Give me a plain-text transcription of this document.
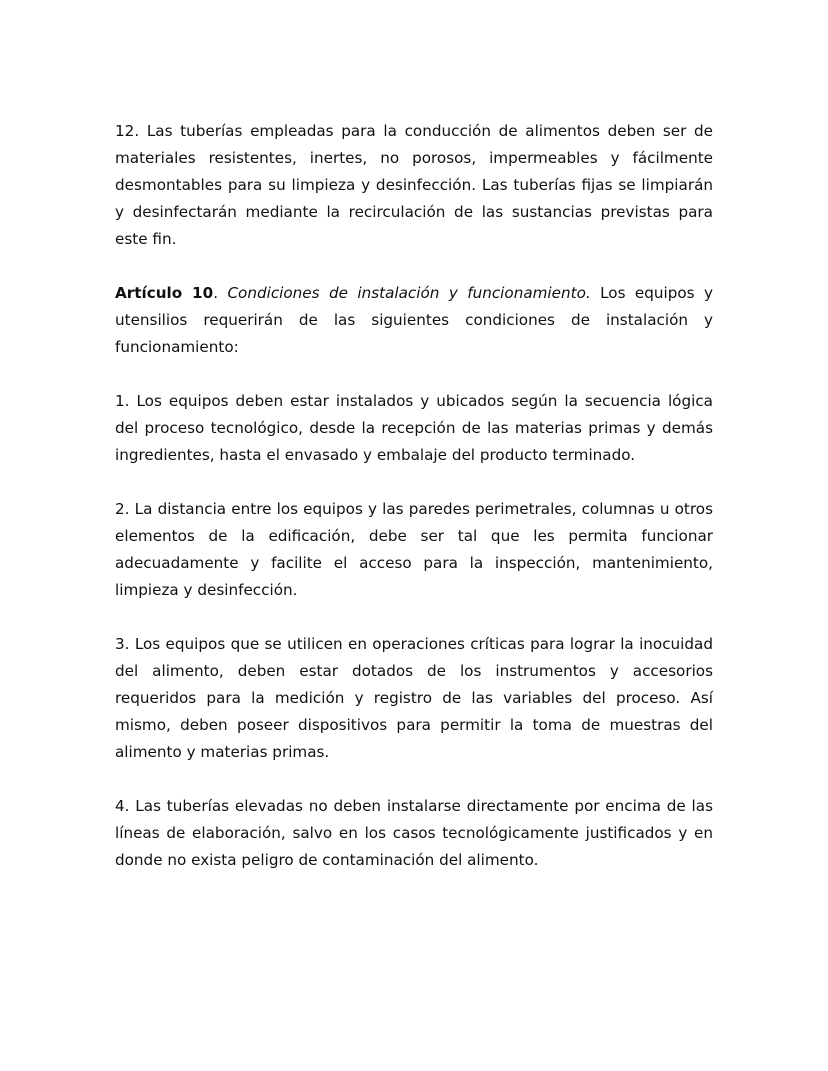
12. Las tuberías empleadas para la conducción de alimentos deben ser de materiales resistentes, inertes, no porosos, impermeables y fácilmente desmontables para su limpieza y desinfección. Las tuberías fijas se limpiarán y desinfectarán mediante la recirculación de las sustancias previstas para este fin.

Artículo 10. Condiciones de instalación y funcionamiento. Los equipos y utensilios requerirán de las siguientes condiciones de instalación y funcionamiento:

1. Los equipos deben estar instalados y ubicados según la secuencia lógica del proceso tecnológico, desde la recepción de las materias primas y demás ingredientes, hasta el envasado y embalaje del producto terminado.

2. La distancia entre los equipos y las paredes perimetrales, columnas u otros elementos de la edificación, debe ser tal que les permita funcionar adecuadamente y facilite el acceso para la inspección, mantenimiento, limpieza y desinfección.

3. Los equipos que se utilicen en operaciones críticas para lograr la inocuidad del alimento, deben estar dotados de los instrumentos y accesorios requeridos para la medición y registro de las variables del proceso. Así mismo, deben poseer dispositivos para permitir la toma de muestras del alimento y materias primas.

4. Las tuberías elevadas no deben instalarse directamente por encima de las líneas de elaboración, salvo en los casos tecnológicamente justificados y en donde no exista peligro de contaminación del alimento.
